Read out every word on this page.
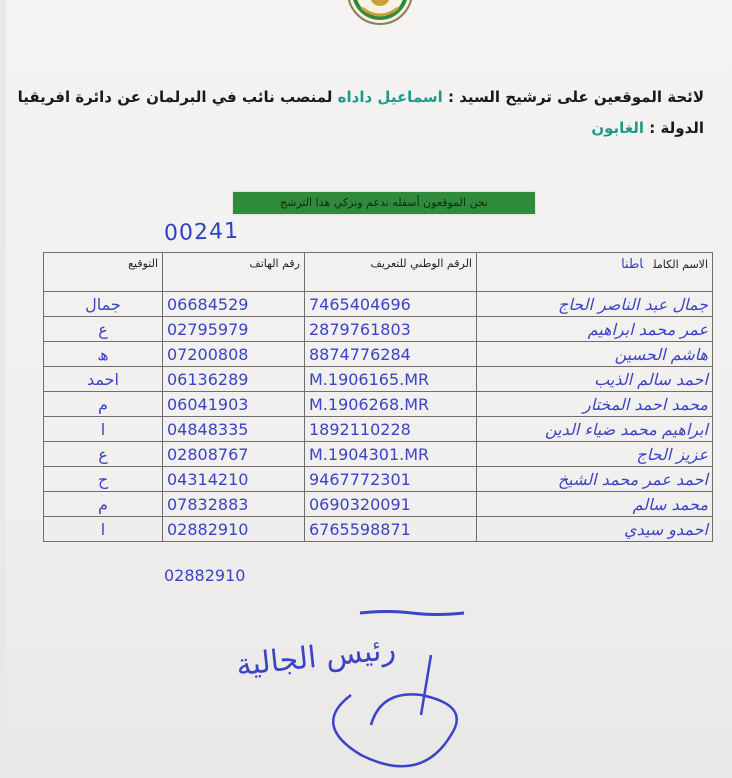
لائحة الموقعين على ترشيح السيد : اسماعيل داداه لمنصب نائب في البرلمان عن دائرة افريقيا
الدولة : الغابون
نحن الموقعون أسفله ندعم ونزكي هذا الترشح
00241
الاسم الكاملاطنا	الرقم الوطني للتعريف	رقم الهاتف	التوقيع
جمال عبد الناصر الحاج	7465404696	06684529	جمال
عمر محمد ابراهيم	2879761803	02795979	ع
هاشم الحسين	8874776284	07200808	ھ
احمد سالم الذيب	M.1906165.MR	06136289	احمد
محمد احمد المختار	M.1906268.MR	06041903	م
ابراهيم محمد ضياء الدين	1892110228	04848335	ا
عزيز الحاج	M.1904301.MR	02808767	ع
احمد عمر محمد الشيخ	9467772301	04314210	ح
محمد سالم	0690320091	07832883	م
احمدو سيدي	6765598871	02882910	ا
02882910
رئيس الجالية
